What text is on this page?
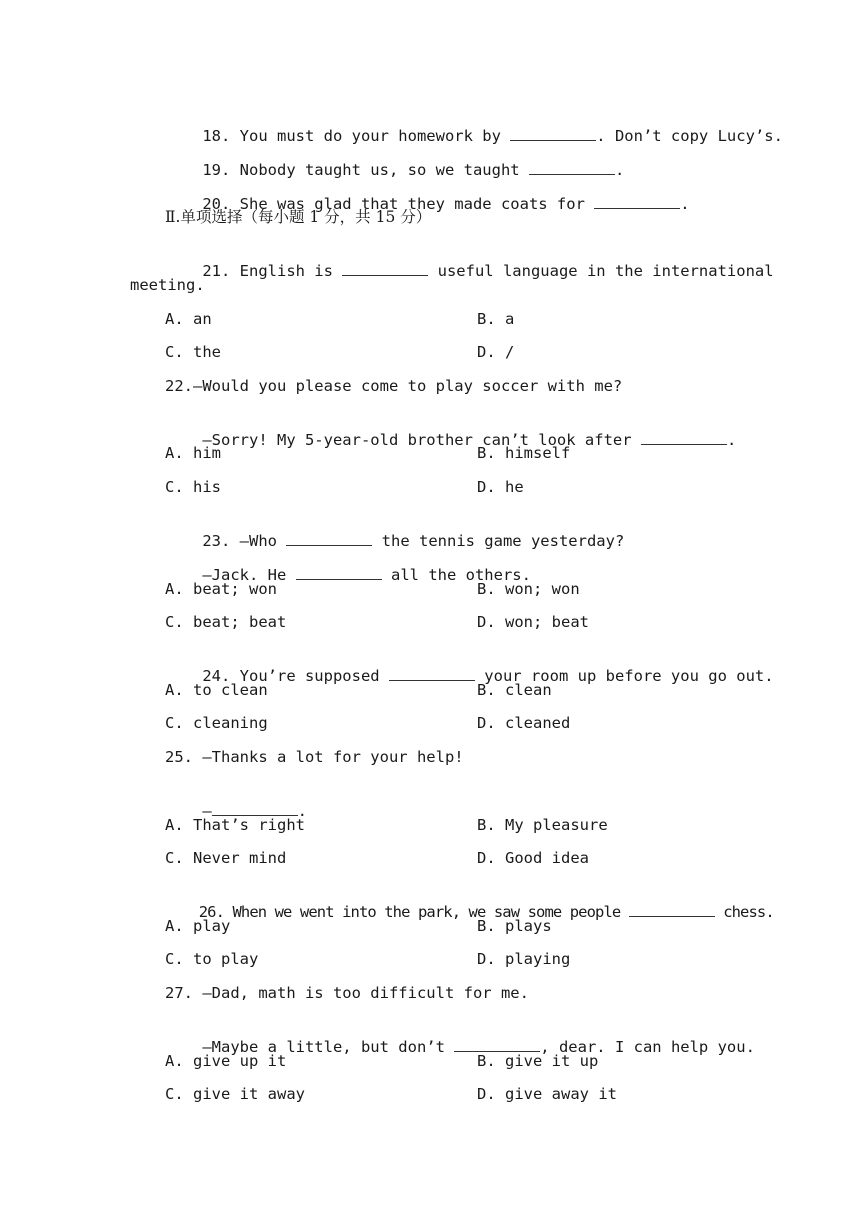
18. You must do your homework by	. Don’t copy Lucy’s.

19. Nobody taught us, so we taught	.

20. She was glad that they made coats for	.

Ⅱ.单项选择（每小题 1 分，共 15 分）

21. English is	useful language in the international

meeting.
A. an	B. a
C. the	D. /
22.—Would you please come to play soccer with me?

—Sorry! My 5-year-old brother can’t look after	.

A. him	B. himself
C. his	D. he

23. —Who	the tennis game yesterday?

—Jack. He	all the others.

A. beat; won	B. won; won
C. beat; beat	D. won; beat

24. You’re supposed	your room up before you go out.

A. to clean	B. clean
C. cleaning	D. cleaned
25. —Thanks a lot for your help!

—	.

A. That’s right	B. My pleasure
C. Never mind	D. Good idea

26. When we went into the park, we saw some people	chess.

A. play	B. plays
C. to play	D. playing
27. —Dad, math is too difficult for me.

—Maybe a little, but don’t	, dear. I can help you.

A. give up it	B. give it up
C. give it away	D. give away it
